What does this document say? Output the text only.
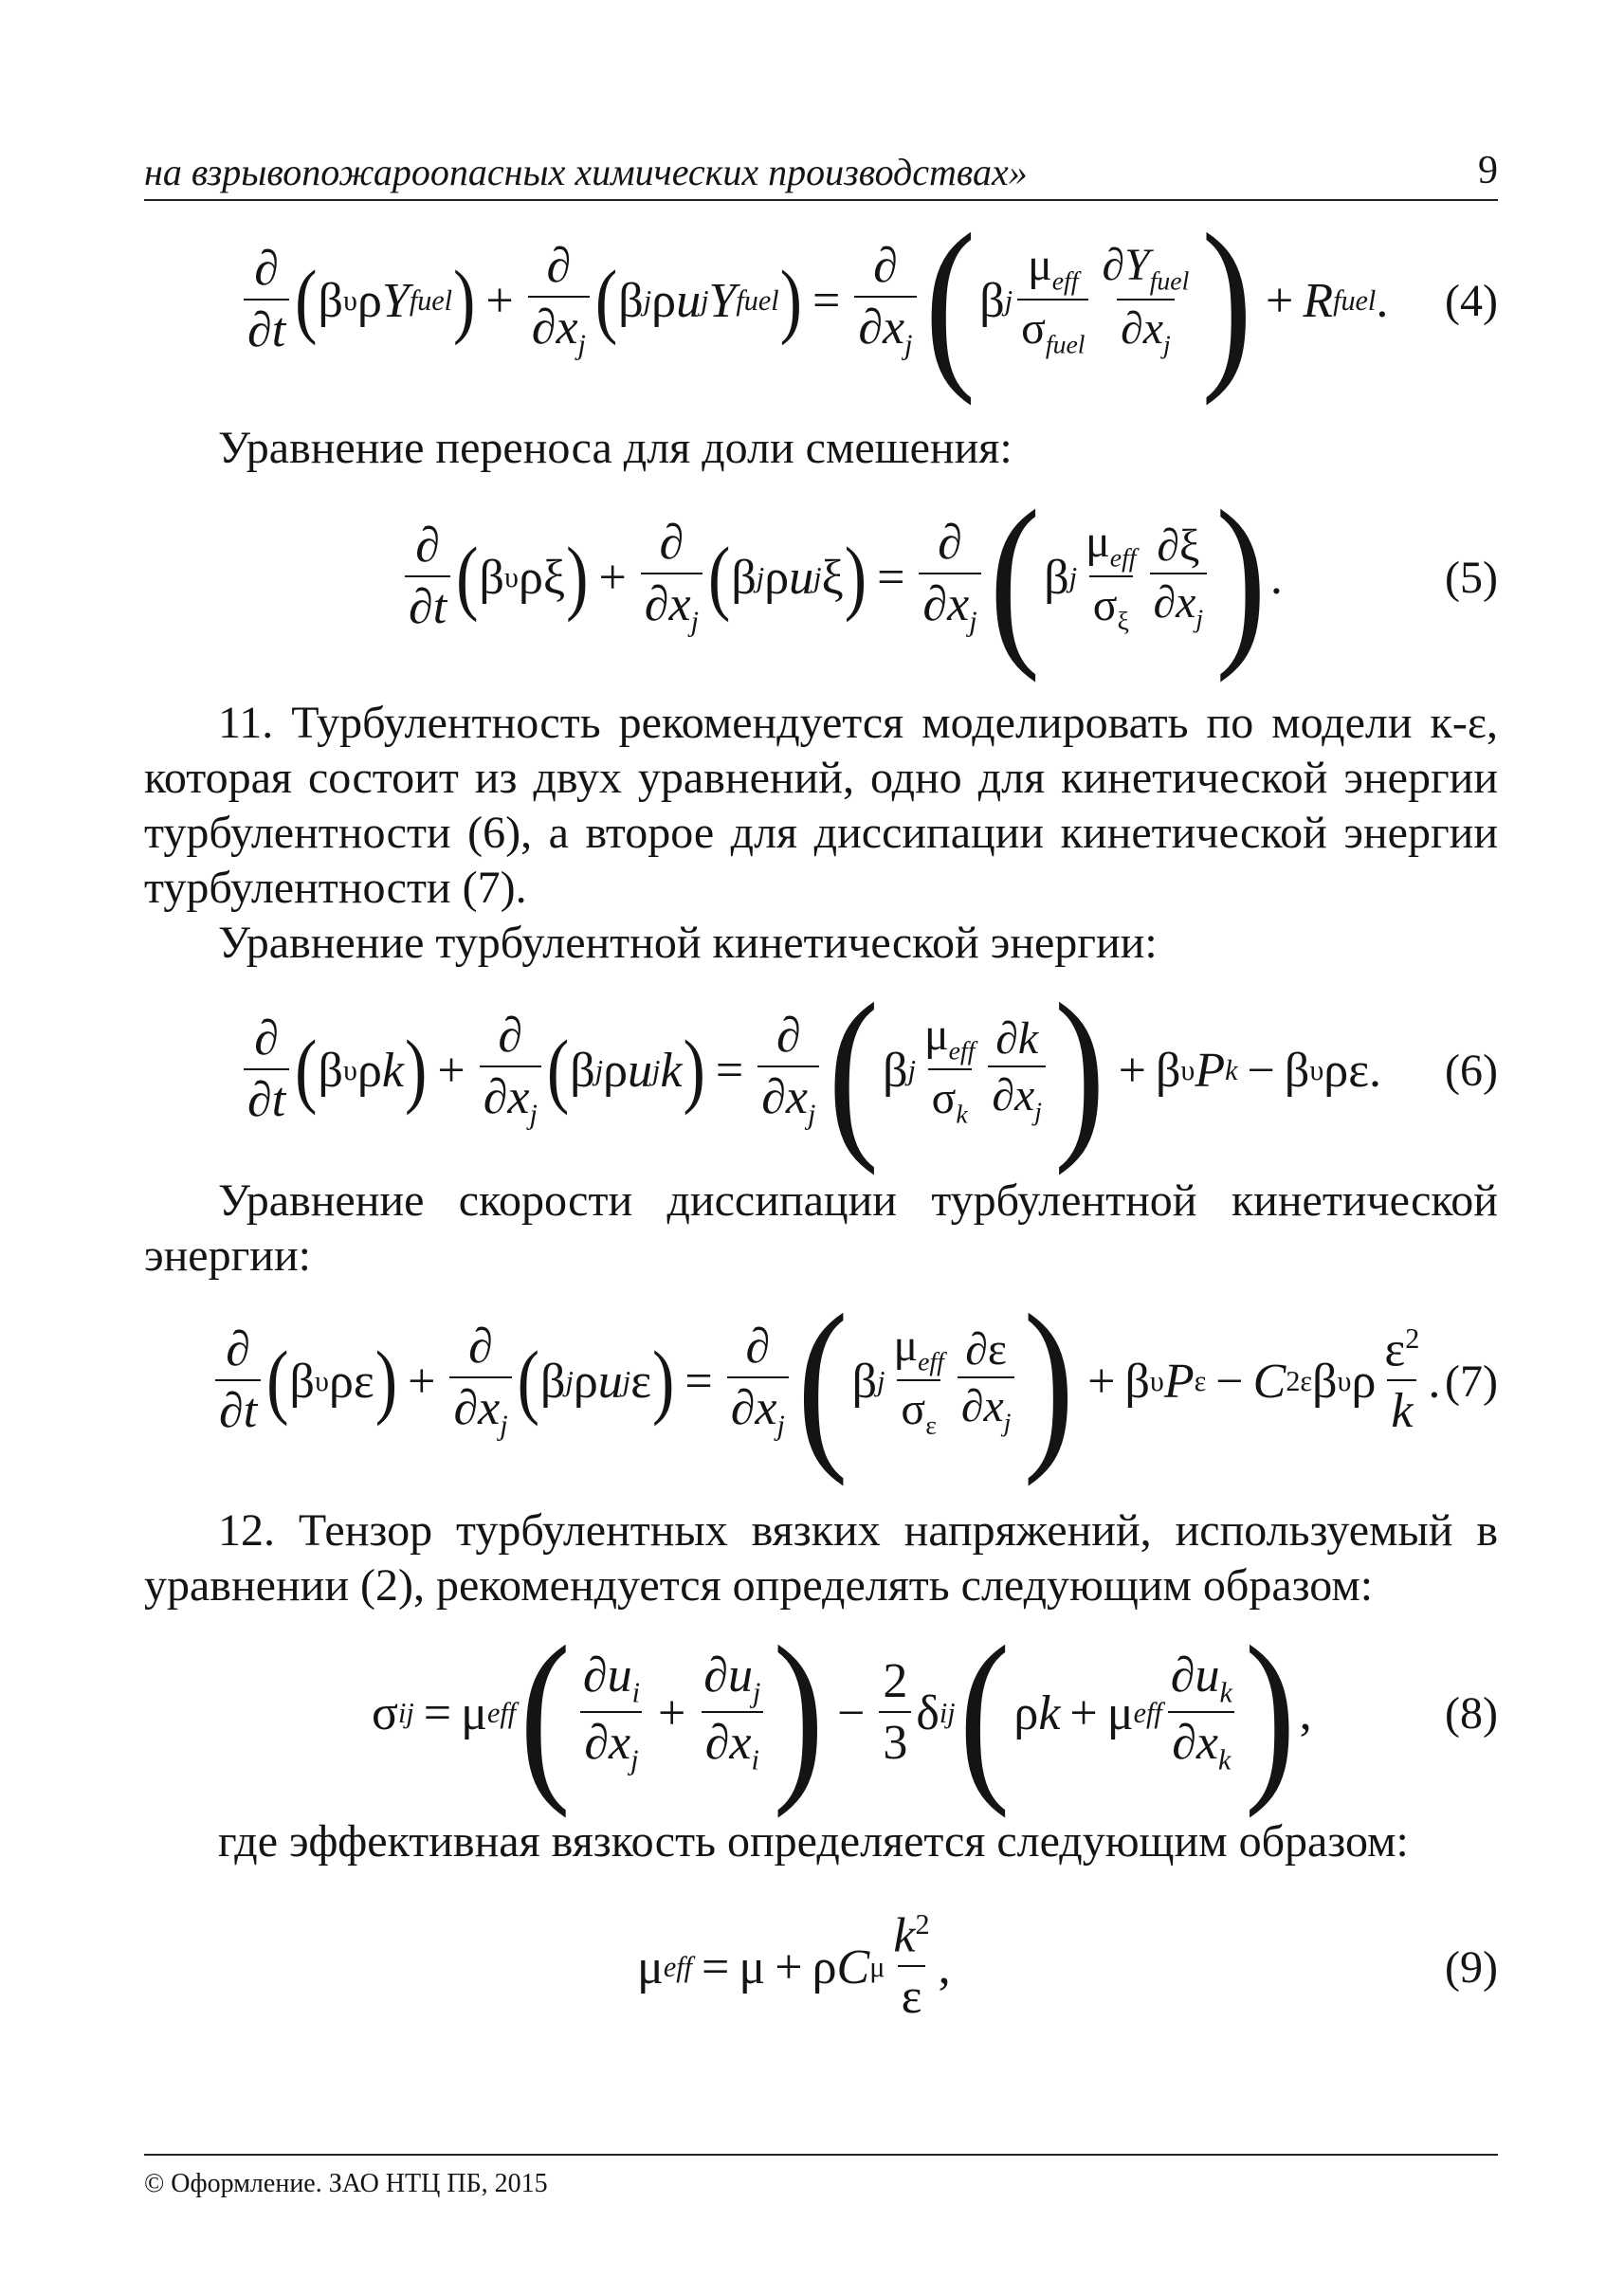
на взрывопожароопасных химических производствах»	9
$\frac{\partial}{\partial t}$ ( β υ ρ Y fuel ) + $\frac{\partial}{\partial x_j}$ ( β j ρ u j Y fuel ) = $\frac{\partial}{\partial x_j}$ ( β j $\frac{\mu_{eff}}{\sigma_{fuel}} \frac{\partial Y_{fuel}}{\partial x_j}$ ) + R fuel . (4)
Уравнение переноса для доли смешения:
$\frac{\partial}{\partial t}$ ( β υ ρξ ) + $\frac{\partial}{\partial x_j}$ ( β j ρ u j ξ ) = $\frac{\partial}{\partial x_j}$ ( β j $\frac{\mu_{eff}}{\sigma_\xi} \frac{\partial\xi}{\partial x_j}$ ) .	(5)
11. Турбулентность рекомендуется моделировать по модели к-ε, которая состоит из двух уравнений, одно для кинетической энергии турбулентности (6), а второе для диссипации кинетической энергии турбулентности (7).
Уравнение турбулентной кинетической энергии:
$\frac{\partial}{\partial t}$ ( β υ ρ k ) + $\frac{\partial}{\partial x_j}$ ( β j ρ u j k ) = $\frac{\partial}{\partial x_j}$ ( β j $\frac{\mu_{eff}}{\sigma_k} \frac{\partial k}{\partial x_j}$ ) + β υ P k − β υ ρε. (6)
Уравнение скорости диссипации турбулентной кинетической энергии:
$\frac{\partial}{\partial t}$ ( β υ ρε ) + $\frac{\partial}{\partial x_j}$ ( β j ρ u j ε ) = $\frac{\partial}{\partial x_j}$ ( β j $\frac{\mu_{eff}}{\sigma_\varepsilon} \frac{\partial\varepsilon}{\partial x_j}$ ) + β υ P ε − C 2ε β υ ρ $\frac{\varepsilon^2}{k}$ . (7)
12. Тензор турбулентных вязких напряжений, используемый в уравнении (2), рекомендуется определять следующим образом:
σ ij = μ eff ( $\frac{\partial u_i}{\partial x_j} + \frac{\partial u_j}{\partial x_i}$ ) − $\frac{2}{3}$ δ ij ( ρ k + μ eff $\frac{\partial u_k}{\partial x_k}$ ) ,	(8)
где эффективная вязкость определяется следующим образом:
μ eff = μ + ρ C μ $\frac{k^2}{\varepsilon}$ ,	(9)
© Оформление. ЗАО НТЦ ПБ, 2015
